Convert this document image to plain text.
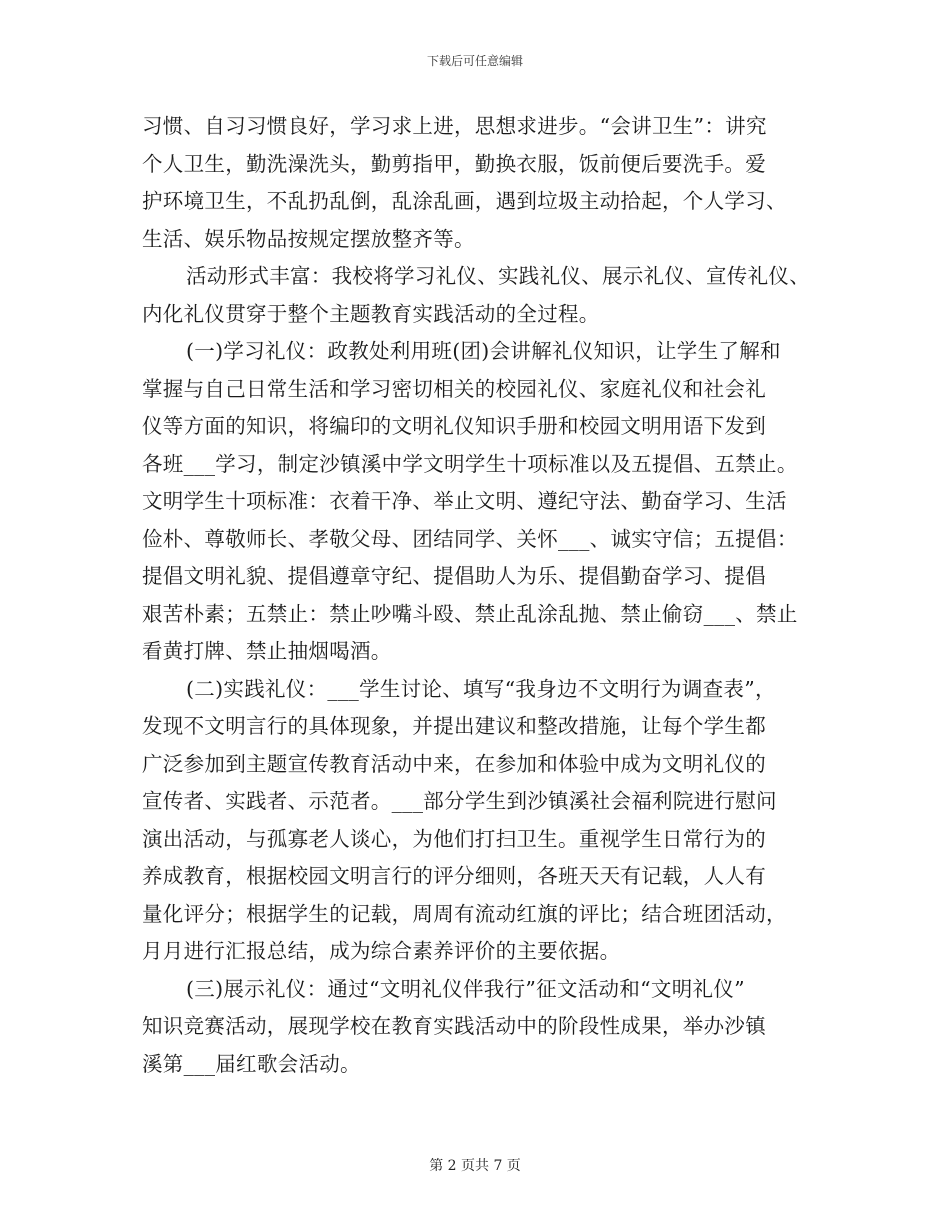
下载后可任意编辑
习惯、自习习惯良好，学习求上进，思想求进步。“会讲卫生”：讲究
个人卫生，勤洗澡洗头，勤剪指甲，勤换衣服，饭前便后要洗手。爱
护环境卫生，不乱扔乱倒，乱涂乱画，遇到垃圾主动拾起，个人学习、
生活、娱乐物品按规定摆放整齐等。
活动形式丰富：我校将学习礼仪、实践礼仪、展示礼仪、宣传礼仪、
内化礼仪贯穿于整个主题教育实践活动的全过程。
(一)学习礼仪：政教处利用班(团)会讲解礼仪知识，让学生了解和
掌握与自己日常生活和学习密切相关的校园礼仪、家庭礼仪和社会礼
仪等方面的知识，将编印的文明礼仪知识手册和校园文明用语下发到
各班___学习，制定沙镇溪中学文明学生十项标准以及五提倡、五禁止。
文明学生十项标准：衣着干净、举止文明、遵纪守法、勤奋学习、生活
俭朴、尊敬师长、孝敬父母、团结同学、关怀___、诚实守信；五提倡：
提倡文明礼貌、提倡遵章守纪、提倡助人为乐、提倡勤奋学习、提倡
艰苦朴素；五禁止：禁止吵嘴斗殴、禁止乱涂乱抛、禁止偷窃___、禁止
看黄打牌、禁止抽烟喝酒。
(二)实践礼仪：___学生讨论、填写“我身边不文明行为调查表”，
发现不文明言行的具体现象，并提出建议和整改措施，让每个学生都
广泛参加到主题宣传教育活动中来，在参加和体验中成为文明礼仪的
宣传者、实践者、示范者。___部分学生到沙镇溪社会福利院进行慰问
演出活动，与孤寡老人谈心，为他们打扫卫生。重视学生日常行为的
养成教育，根据校园文明言行的评分细则，各班天天有记载，人人有
量化评分；根据学生的记载，周周有流动红旗的评比；结合班团活动，
月月进行汇报总结，成为综合素养评价的主要依据。
(三)展示礼仪：通过“文明礼仪伴我行”征文活动和“文明礼仪”
知识竞赛活动，展现学校在教育实践活动中的阶段性成果，举办沙镇
溪第___届红歌会活动。
第 2 页共 7 页
